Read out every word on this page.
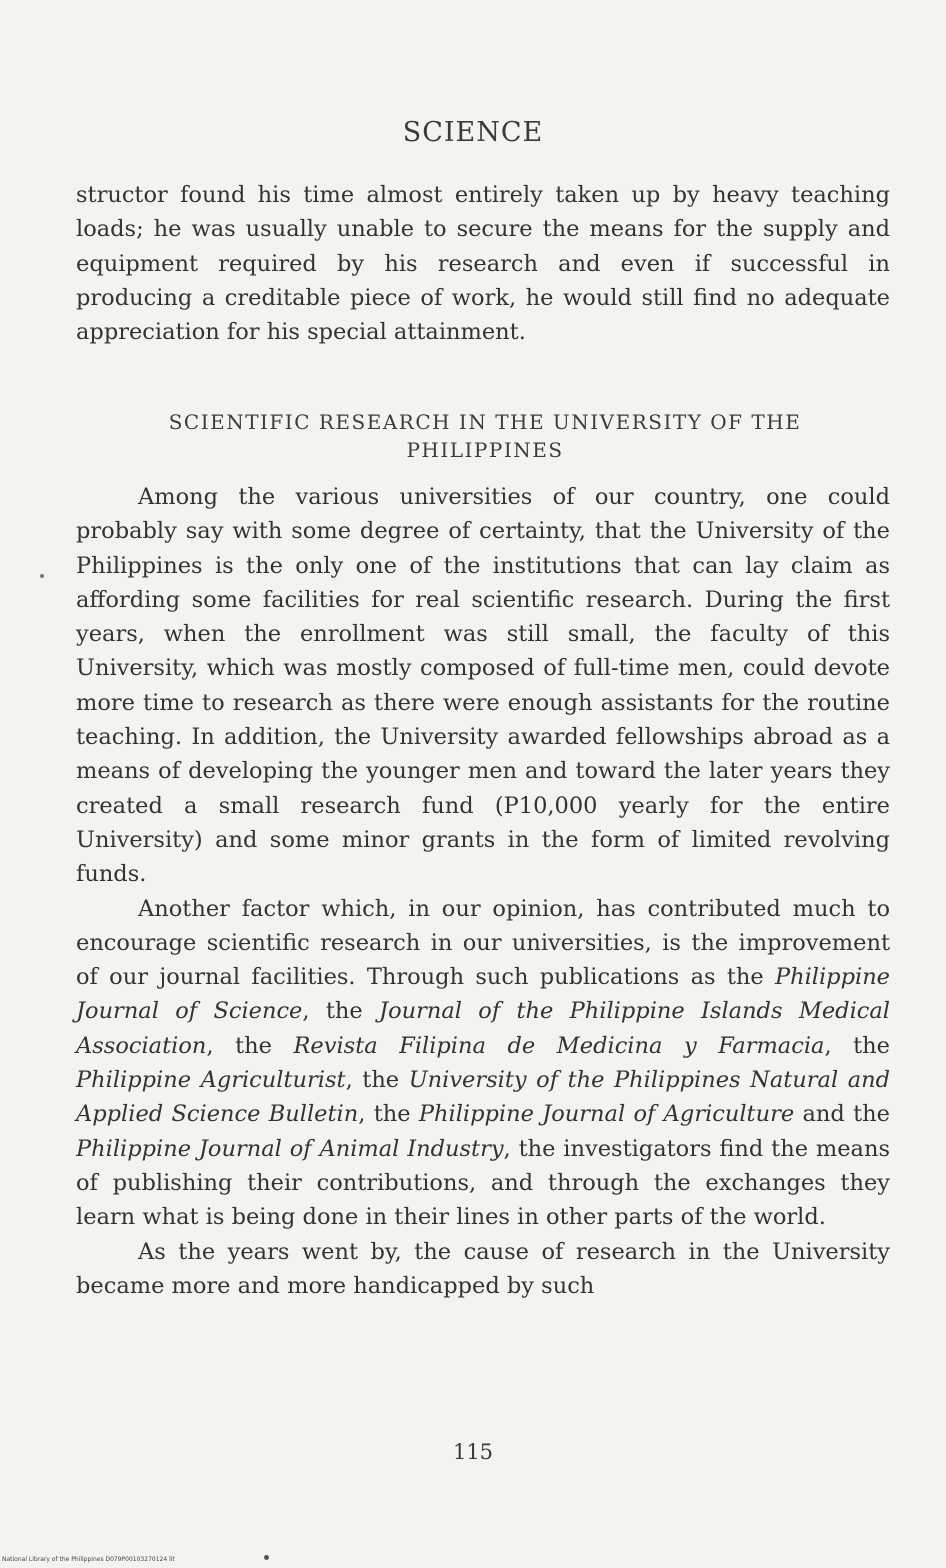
SCIENCE

structor found his time almost entirely taken up by heavy teaching loads; he was usually unable to secure the means for the supply and equipment required by his research and even if successful in producing a creditable piece of work, he would still find no adequate appreciation for his special attainment.

SCIENTIFIC RESEARCH IN THE UNIVERSITY OF THE PHILIPPINES

Among the various universities of our country, one could probably say with some degree of certainty, that the University of the Philippines is the only one of the institutions that can lay claim as affording some facilities for real scientific research. During the first years, when the enrollment was still small, the faculty of this University, which was mostly composed of full-time men, could devote more time to research as there were enough assistants for the routine teaching. In addition, the University awarded fellowships abroad as a means of developing the younger men and toward the later years they created a small research fund (P10,000 yearly for the entire University) and some minor grants in the form of limited revolving funds.

Another factor which, in our opinion, has contributed much to encourage scientific research in our universities, is the improvement of our journal facilities. Through such publications as the Philippine Journal of Science, the Journal of the Philippine Islands Medical Association, the Revista Filipina de Medicina y Farmacia, the Philippine Agriculturist, the University of the Philippines Natural and Applied Science Bulletin, the Philippine Journal of Agriculture and the Philippine Journal of Animal Industry, the investigators find the means of publishing their contributions, and through the exchanges they learn what is being done in their lines in other parts of the world.

As the years went by, the cause of research in the University became more and more handicapped by such

115
National Library of the Philippines D079P00103270124 lit
